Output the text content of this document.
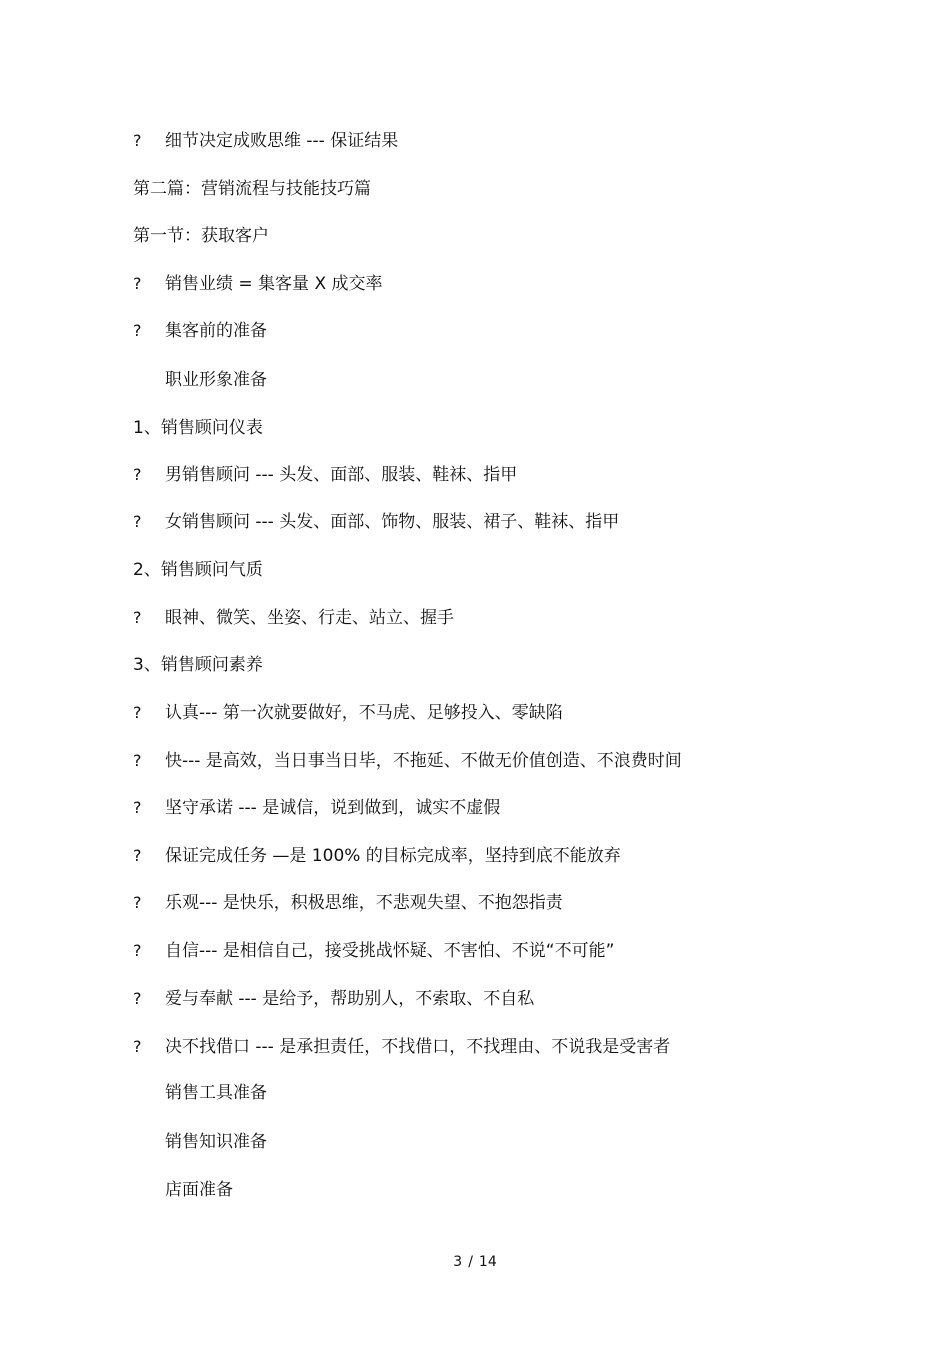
? 细节决定成败思维 --- 保证结果
第二篇：营销流程与技能技巧篇
第一节：获取客户
? 销售业绩 = 集客量 X 成交率
? 集客前的准备
职业形象准备
1、销售顾问仪表
? 男销售顾问 --- 头发、面部、服装、鞋袜、指甲
? 女销售顾问 --- 头发、面部、饰物、服装、裙子、鞋袜、指甲
2、销售顾问气质
? 眼神、微笑、坐姿、行走、站立、握手
3、销售顾问素养
? 认真--- 第一次就要做好，不马虎、足够投入、零缺陷
? 快--- 是高效，当日事当日毕，不拖延、不做无价值创造、不浪费时间
? 坚守承诺 --- 是诚信，说到做到，诚实不虚假
? 保证完成任务 —是 100% 的目标完成率，坚持到底不能放弃
? 乐观--- 是快乐，积极思维，不悲观失望、不抱怨指责
? 自信--- 是相信自己，接受挑战怀疑、不害怕、不说“不可能”
? 爱与奉献 --- 是给予，帮助别人，不索取、不自私
? 决不找借口 --- 是承担责任，不找借口，不找理由、不说我是受害者
销售工具准备
销售知识准备
店面准备
3 / 14
